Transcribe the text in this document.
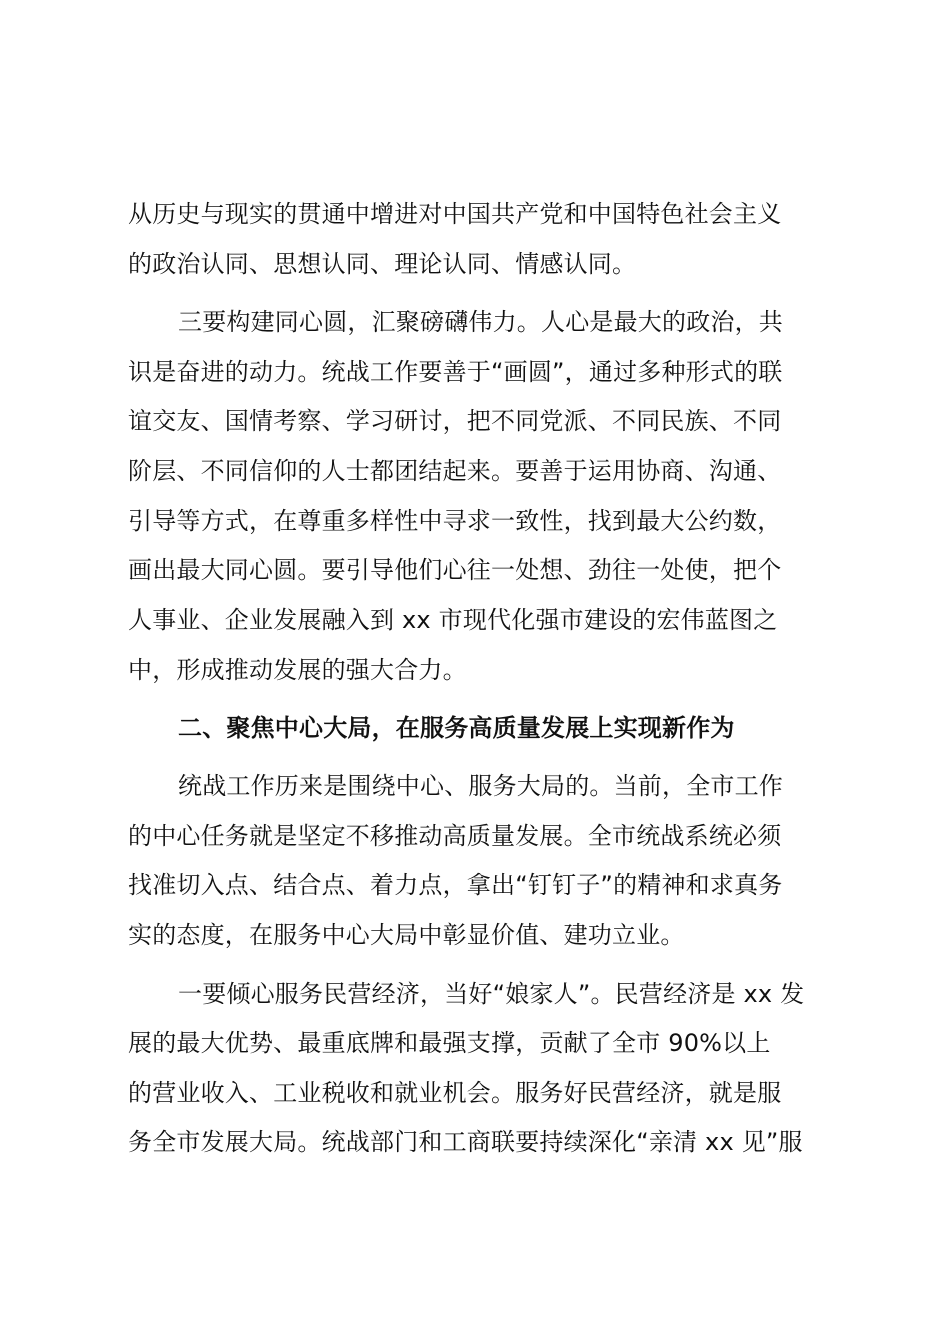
从历史与现实的贯通中增进对中国共产党和中国特色社会主义
的政治认同、思想认同、理论认同、情感认同。
三要构建同心圆，汇聚磅礴伟力。人心是最大的政治，共
识是奋进的动力。统战工作要善于“画圆”，通过多种形式的联
谊交友、国情考察、学习研讨，把不同党派、不同民族、不同
阶层、不同信仰的人士都团结起来。要善于运用协商、沟通、
引导等方式，在尊重多样性中寻求一致性，找到最大公约数，
画出最大同心圆。要引导他们心往一处想、劲往一处使，把个
人事业、企业发展融入到 xx 市现代化强市建设的宏伟蓝图之
中，形成推动发展的强大合力。
二、聚焦中心大局，在服务高质量发展上实现新作为
统战工作历来是围绕中心、服务大局的。当前，全市工作
的中心任务就是坚定不移推动高质量发展。全市统战系统必须
找准切入点、结合点、着力点，拿出“钉钉子”的精神和求真务
实的态度，在服务中心大局中彰显价值、建功立业。
一要倾心服务民营经济，当好“娘家人”。民营经济是 xx 发
展的最大优势、最重底牌和最强支撑，贡献了全市 90%以上
的营业收入、工业税收和就业机会。服务好民营经济，就是服
务全市发展大局。统战部门和工商联要持续深化“亲清 xx 见”服
